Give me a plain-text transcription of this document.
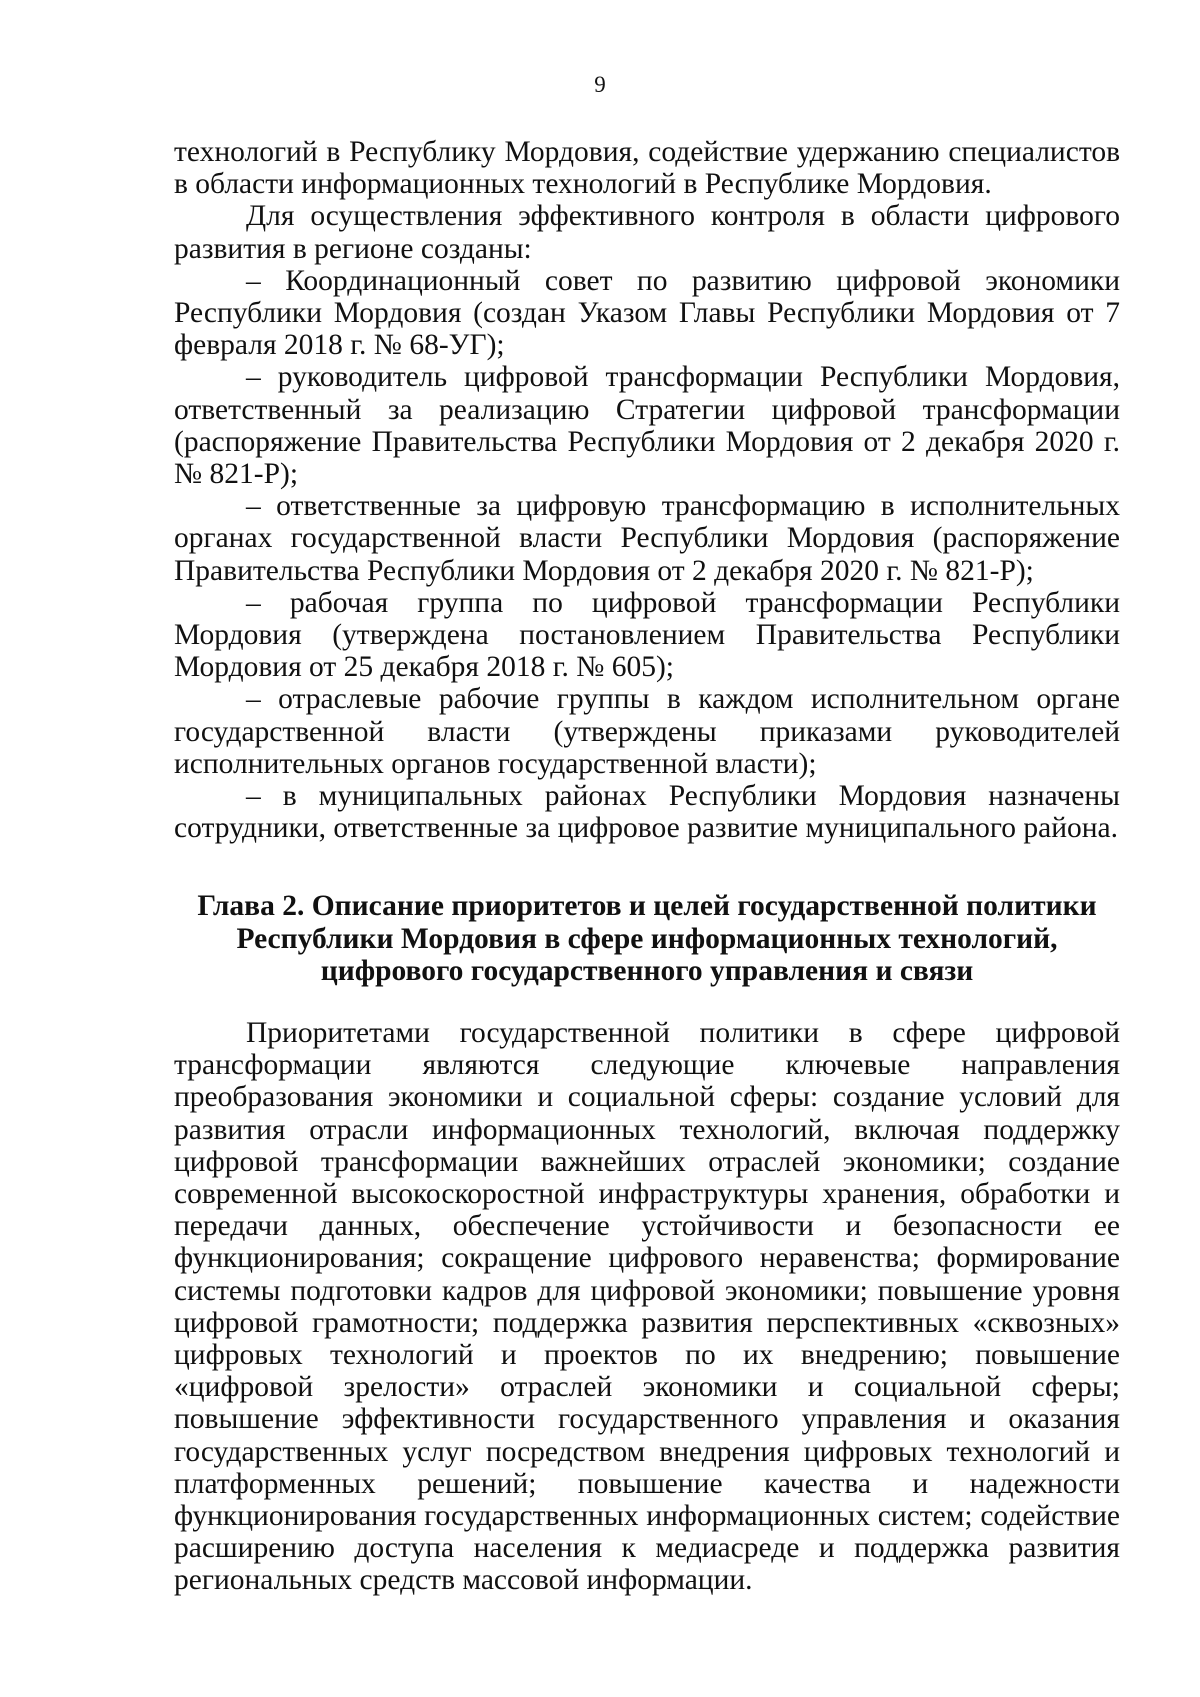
9

технологий в Республику Мордовия, содействие удержанию специалистов в области информационных технологий в Республике Мордовия.

Для осуществления эффективного контроля в области цифрового развития в регионе созданы:

– Координационный совет по развитию цифровой экономики Республики Мордовия (создан Указом Главы Республики Мордовия от 7 февраля 2018 г. № 68-УГ);

– руководитель цифровой трансформации Республики Мордовия, ответственный за реализацию Стратегии цифровой трансформации (распоряжение Правительства Республики Мордовия от 2 декабря 2020 г. № 821-Р);

– ответственные за цифровую трансформацию в исполнительных органах государственной власти Республики Мордовия (распоряжение Правительства Республики Мордовия от 2 декабря 2020 г. № 821-Р);

– рабочая группа по цифровой трансформации Республики Мордовия (утверждена постановлением Правительства Республики Мордовия от 25 декабря 2018 г. № 605);

– отраслевые рабочие группы в каждом исполнительном органе государственной власти (утверждены приказами руководителей исполнительных органов государственной власти);

– в муниципальных районах Республики Мордовия назначены сотрудники, ответственные за цифровое развитие муниципального района.

Глава 2. Описание приоритетов и целей государственной политики Республики Мордовия в сфере информационных технологий, цифрового государственного управления и связи

Приоритетами государственной политики в сфере цифровой трансформации являются следующие ключевые направления преобразования экономики и социальной сферы: создание условий для развития отрасли информационных технологий, включая поддержку цифровой трансформации важнейших отраслей экономики; создание современной высокоскоростной инфраструктуры хранения, обработки и передачи данных, обеспечение устойчивости и безопасности ее функционирования; сокращение цифрового неравенства; формирование системы подготовки кадров для цифровой экономики; повышение уровня цифровой грамотности; поддержка развития перспективных «сквозных» цифровых технологий и проектов по их внедрению; повышение «цифровой зрелости» отраслей экономики и социальной сферы; повышение эффективности государственного управления и оказания государственных услуг посредством внедрения цифровых технологий и платформенных решений; повышение качества и надежности функционирования государственных информационных систем; содействие расширению доступа населения к медиасреде и поддержка развития региональных средств массовой информации.
